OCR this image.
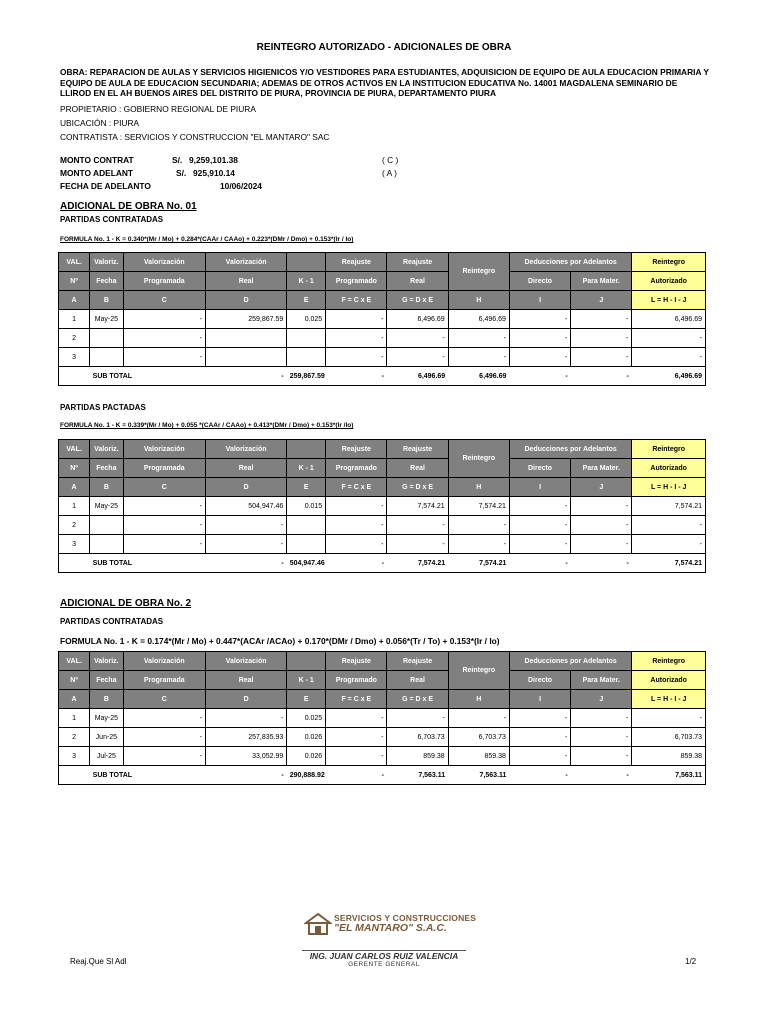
REINTEGRO AUTORIZADO - ADICIONALES DE OBRA
OBRA: REPARACION DE AULAS Y SERVICIOS HIGIENICOS Y/O VESTIDORES PARA ESTUDIANTES, ADQUISICION DE EQUIPO DE AULA EDUCACION PRIMARIA Y EQUIPO DE AULA DE EDUCACION SECUNDARIA; ADEMAS DE OTROS ACTIVOS EN LA INSTITUCION EDUCATIVA No. 14001 MAGDALENA SEMINARIO DE LLIROD EN EL AH BUENOS AIRES DEL DISTRITO DE PIURA, PROVINCIA DE PIURA, DEPARTAMENTO PIURA
PROPIETARIO : GOBIERNO REGIONAL DE PIURA
UBICACIÓN : PIURA
CONTRATISTA : SERVICIOS Y CONSTRUCCION "EL MANTARO" SAC
MONTO CONTRAT	S/. 9,259,101.38	( C )
MONTO ADELANT	S/. 925,910.14	( A )
FECHA DE ADELANTO	10/06/2024
ADICIONAL DE OBRA No. 01
PARTIDAS CONTRATADAS
FORMULA No. 1 - K = 0.340*(Mr / Mo) + 0.284*(CAAr / CAAo) + 0.223*(DMr / Dmo) + 0.153*(Ir / Io)
VAL.	Valoriz.	Valorización	Valorización		Reajuste	Reajuste	Reintegro	Deducciones por Adelantos		Reintegro
Nº	Fecha	Programada	Real	K - 1	Programado	Real		Directo	Para Mater.	Autorizado
A	B	C	D	E	F = C x E	G = D x E	H	I	J	L = H - I - J
1	May-25	-	259,867.59	0.025	-	6,496.69	6,496.69	-	-	6,496.69
2		-			-	-	-	-	-	-
3		-			-	-	-	-	-	-
	SUB TOTAL		-	259,867.59	-	6,496.69	6,496.69	-	-	6,496.69
PARTIDAS PACTADAS
FORMULA No. 1 - K = 0.339*(Mr / Mo) + 0.055 *(CAAr / CAAo) + 0.413*(DMr / Dmo) + 0.153*(Ir /Io)
VAL.	Valoriz.	Valorización	Valorización		Reajuste	Reajuste	Reintegro	Deducciones por Adelantos		Reintegro
Nº	Fecha	Programada	Real	K - 1	Programado	Real		Directo	Para Mater.	Autorizado
A	B	C	D	E	F = C x E	G = D x E	H	I	J	L = H - I - J
1	May-25	-	504,947.46	0.015	-	7,574.21	7,574.21	-	-	7,574.21
2		-	-		-	-	-	-	-	-
3		-	-		-	-	-	-	-	-
	SUB TOTAL		-	504,947.46	-	7,574.21	7,574.21	-	-	7,574.21
ADICIONAL DE OBRA No. 2
PARTIDAS CONTRATADAS
FORMULA No. 1 - K = 0.174*(Mr / Mo) + 0.447*(ACAr /ACAo) + 0.170*(DMr / Dmo) + 0.056*(Tr / To) + 0.153*(Ir / Io)
VAL.	Valoriz.	Valorización	Valorización		Reajuste	Reajuste	Reintegro	Deducciones por Adelantos		Reintegro
Nº	Fecha	Programada	Real	K - 1	Programado	Real		Directo	Para Mater.	Autorizado
A	B	C	D	E	F = C x E	G = D x E	H	I	J	L = H - I - J
1	May-25	-	-	0.025	-	-	-	-	-	-
2	Jun-25	-	257,835.93	0.026	-	6,703.73	6,703.73	-	-	6,703.73
3	Jul-25	-	33,052.99	0.026	-	859.38	859.38	-	-	859.38
	SUB TOTAL		-	290,888.92	-	7,563.11	7,563.11	-	-	7,563.11
SERVICIOS Y CONSTRUCCIONES
"EL MANTARO" S.A.C.
ING. JUAN CARLOS RUIZ VALENCIA
GERENTE GENERAL
Reaj.Que Sl Adl	1/2
